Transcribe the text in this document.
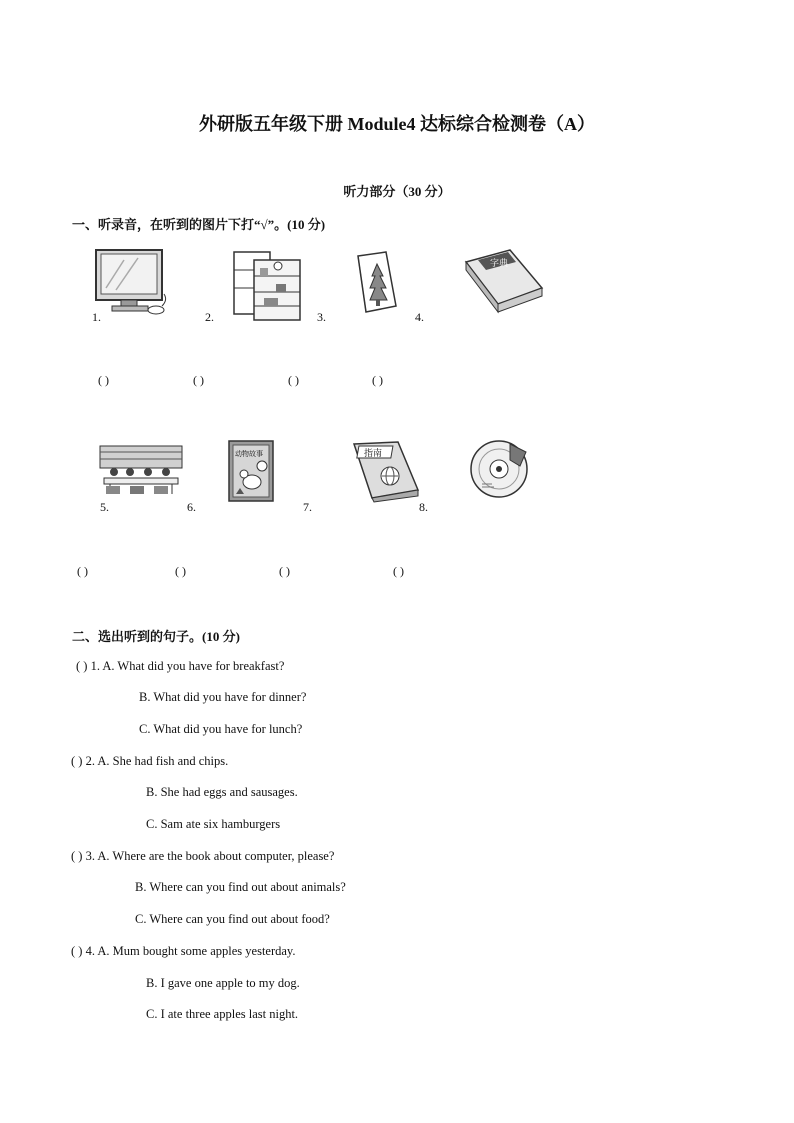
外研版五年级下册 Module4 达标综合检测卷（A）
听力部分（30 分）
一、听录音，在听到的图片下打“√”。(10 分)
1.	2.	3.
字典
4.
( )	( )	( )	( )
5.
动物故事
6.
指南
7.	8.
( )	( )	( )	( )
二、选出听到的句子。(10 分)
( ) 1. A. What did you have for breakfast?
B. What did you have for dinner?
C. What did you have for lunch?
( ) 2. A. She had fish and chips.
B. She had eggs and sausages.
C. Sam ate six hamburgers
( ) 3. A. Where are the book about computer, please?
B. Where can you find out about animals?
C. Where can you find out about food?
( ) 4. A. Mum bought some apples yesterday.
B. I gave one apple to my dog.
C. I ate three apples last night.
